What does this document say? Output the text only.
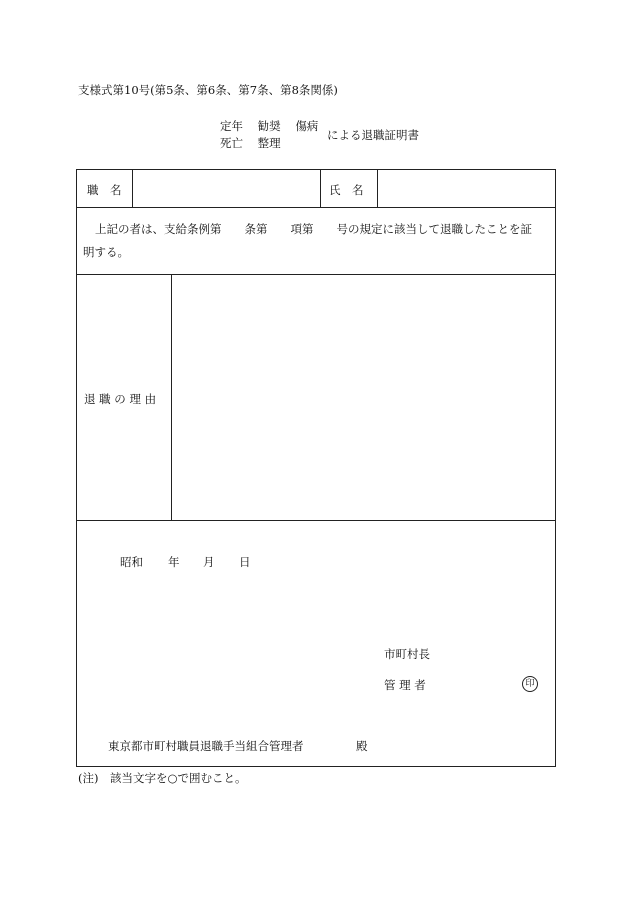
支様式第10号(第5条、第6条、第7条、第8条関係)
定年 勧奨 傷病
死亡 整理
による退職証明書
職　名	氏　名
上記の者は、支給条例第　　条第　　項第　　号の規定に該当して退職したことを証
明する。
退 職 の 理 由
昭和 年 月 日
市町村長
管 理 者
東京都市町村職員退職手当組合管理者	殿
印
(注)　該当文字を○で囲むこと。
